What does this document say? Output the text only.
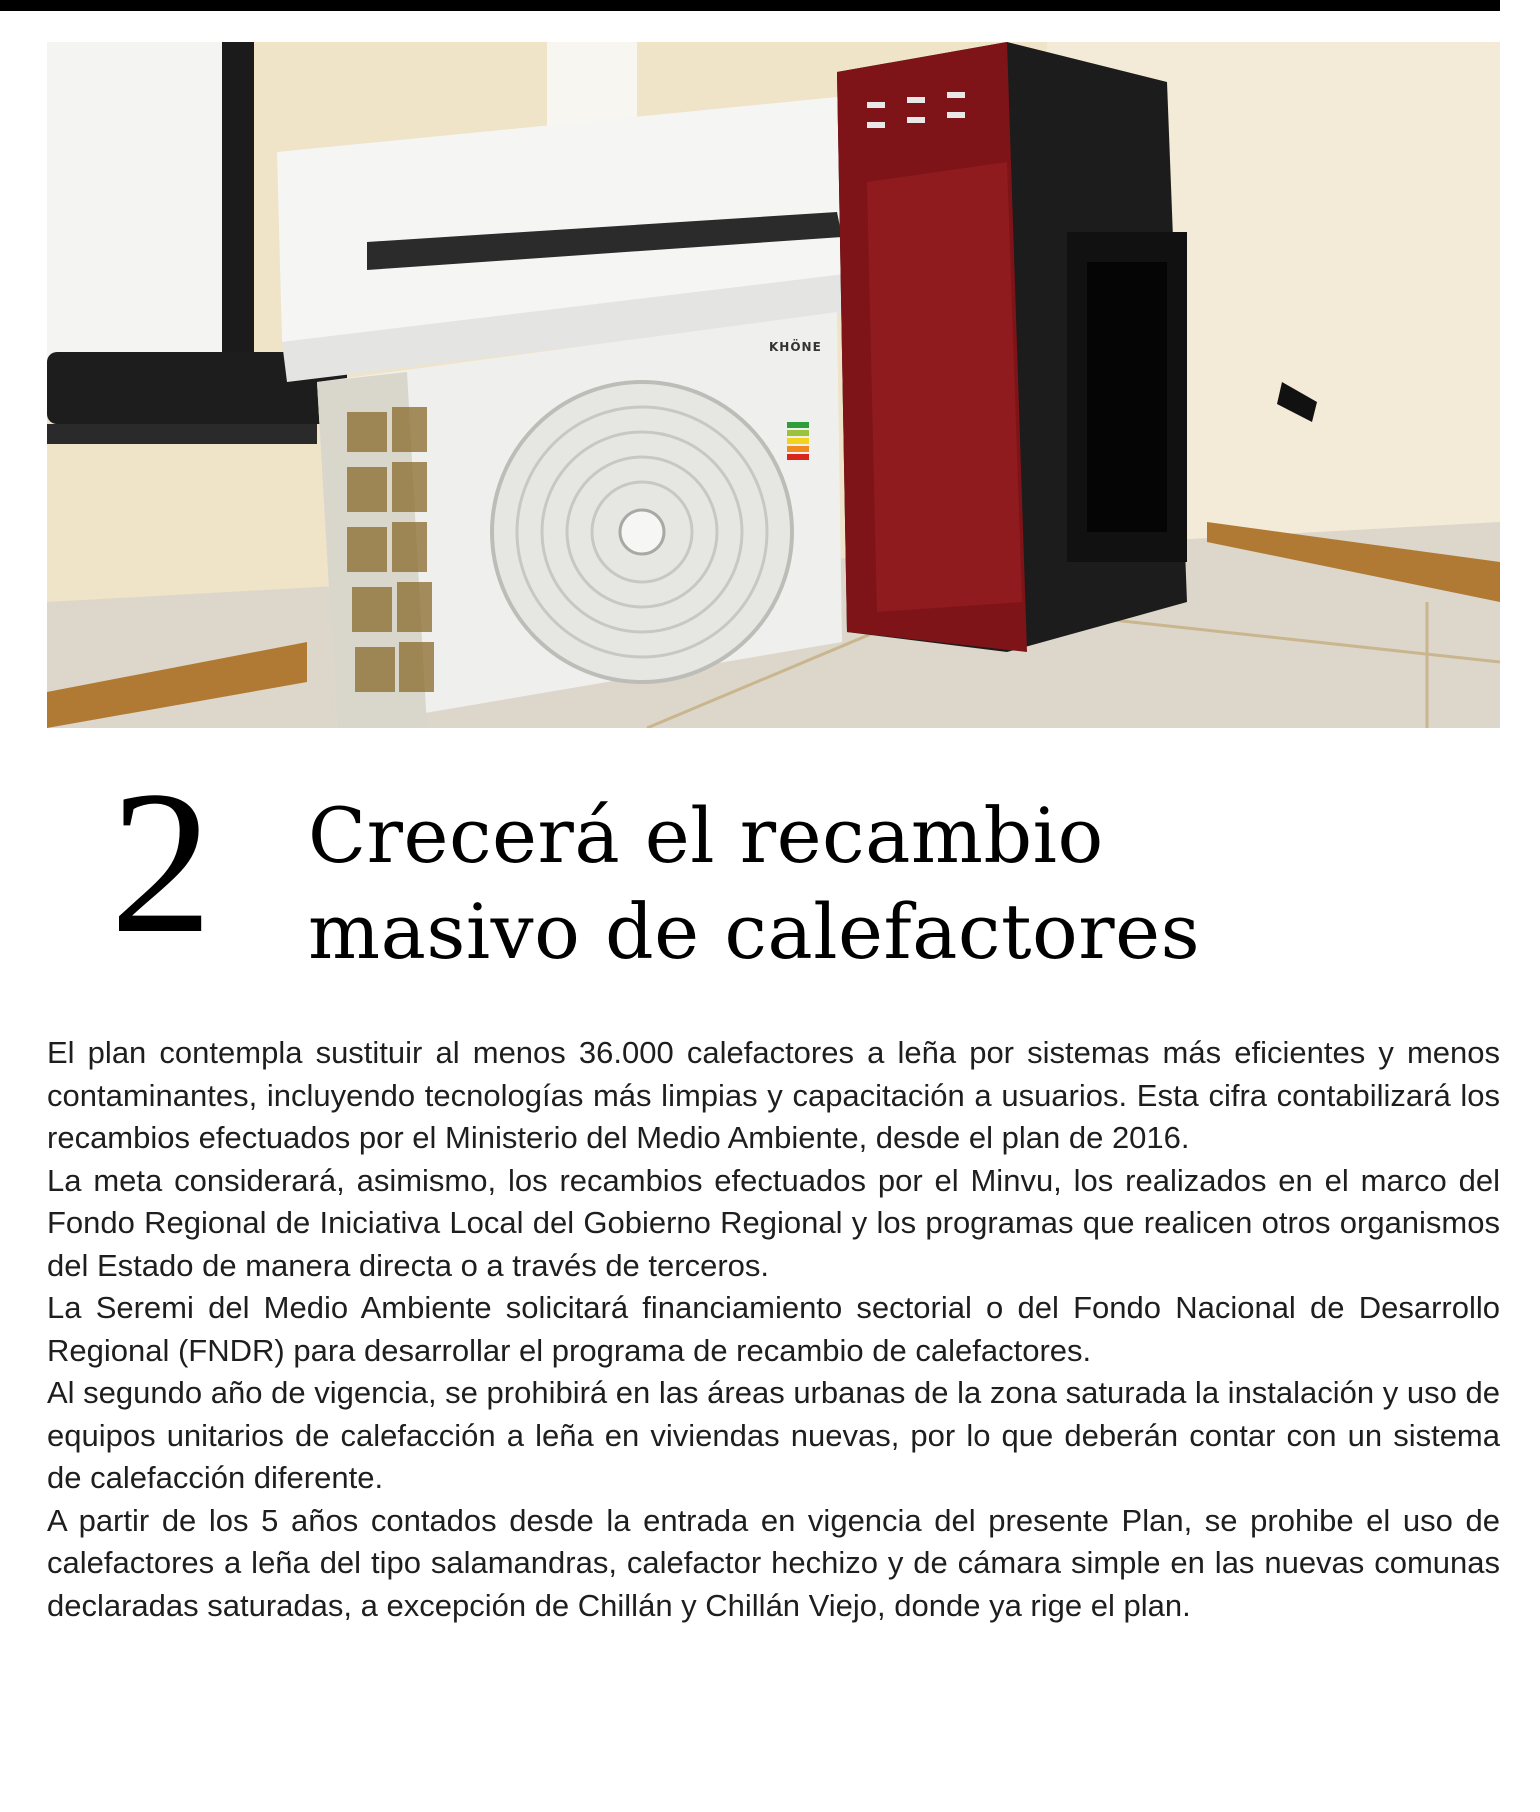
KHÖNE
2 Crecerá el recambio
masivo de calefactores

El plan contempla sustituir al menos 36.000 calefactores a leña por sistemas más eficientes y menos contaminantes, incluyendo tecnologías más limpias y capacitación a usuarios. Esta cifra contabilizará los recambios efectuados por el Ministerio del Medio Ambiente, desde el plan de 2016.

La meta considerará, asimismo, los recambios efectuados por el Minvu, los realizados en el marco del Fondo Regional de Iniciativa Local del Gobierno Regional y los programas que realicen otros organismos del Estado de manera directa o a través de terceros.

La Seremi del Medio Ambiente solicitará financiamiento sectorial o del Fondo Nacional de Desarrollo Regional (FNDR) para desarrollar el programa de recambio de calefactores.

Al segundo año de vigencia, se prohibirá en las áreas urbanas de la zona saturada la instalación y uso de equipos unitarios de calefacción a leña en viviendas nuevas, por lo que deberán contar con un sistema de calefacción diferente.

A partir de los 5 años contados desde la entrada en vigencia del presente Plan, se prohibe el uso de calefactores a leña del tipo salamandras, calefactor hechizo y de cámara simple en las nuevas comunas declaradas saturadas, a excepción de Chillán y Chillán Viejo, donde ya rige el plan.
